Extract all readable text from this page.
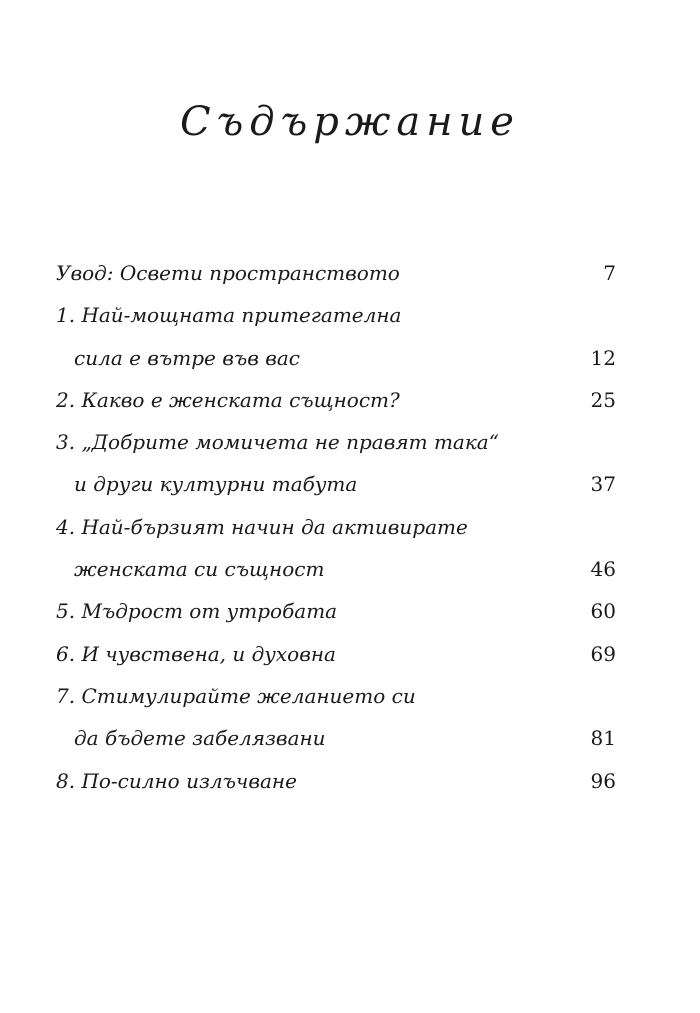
Съдържание
Увод: Освети пространството	7
1. Най-мощната притегателна
сила е вътре във вас	12
2. Какво е женската същност?	25
3. „Добрите момичета не правят така“
и други културни табута	37
4. Най-бързият начин да активирате
женската си същност	46
5. Мъдрост от утробата	60
6. И чувствена, и духовна	69
7. Стимулирайте желанието си
да бъдете забелязвани	81
8. По-силно излъчване	96
